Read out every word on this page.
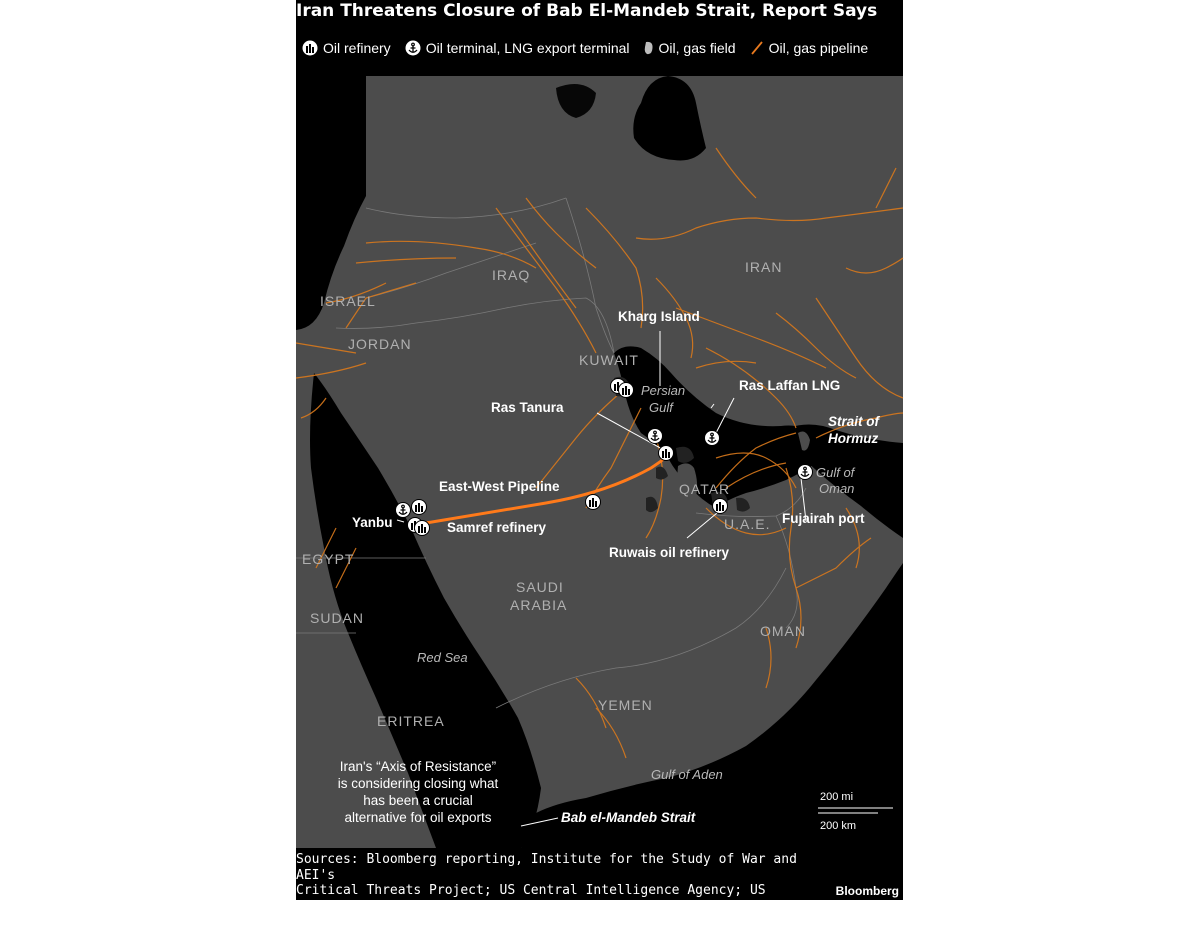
Iran Threatens Closure of Bab El-Mandeb Strait, Report Says
Oil refinery	Oil terminal, LNG export terminal Oil, gas field Oil, gas pipeline
IRAQ	IRAN
ISRAEL
JORDAN
KUWAIT
QATAR
U.A.E.
EGYPT
SAUDI
ARABIA
SUDAN
OMAN
ERITREA
YEMEN
Persian
Gulf
Gulf of
Oman
Red Sea
Gulf of Aden
Kharg Island
Ras Laffan LNG
Ras Tanura
Strait of
Hormuz
East-West Pipeline
Yanbu	Samref refinery
Fujairah port
Ruwais oil refinery
Bab el-Mandeb Strait
Iran's “Axis of Resistance”
is considering closing what
has been a crucial
alternative for oil exports
200 mi
200 km
Sources: Bloomberg reporting, Institute for the Study of War and AEI's
Critical Threats Project; US Central Intelligence Agency; US Department of
Energy; Tasnim news agency
Bloomberg
